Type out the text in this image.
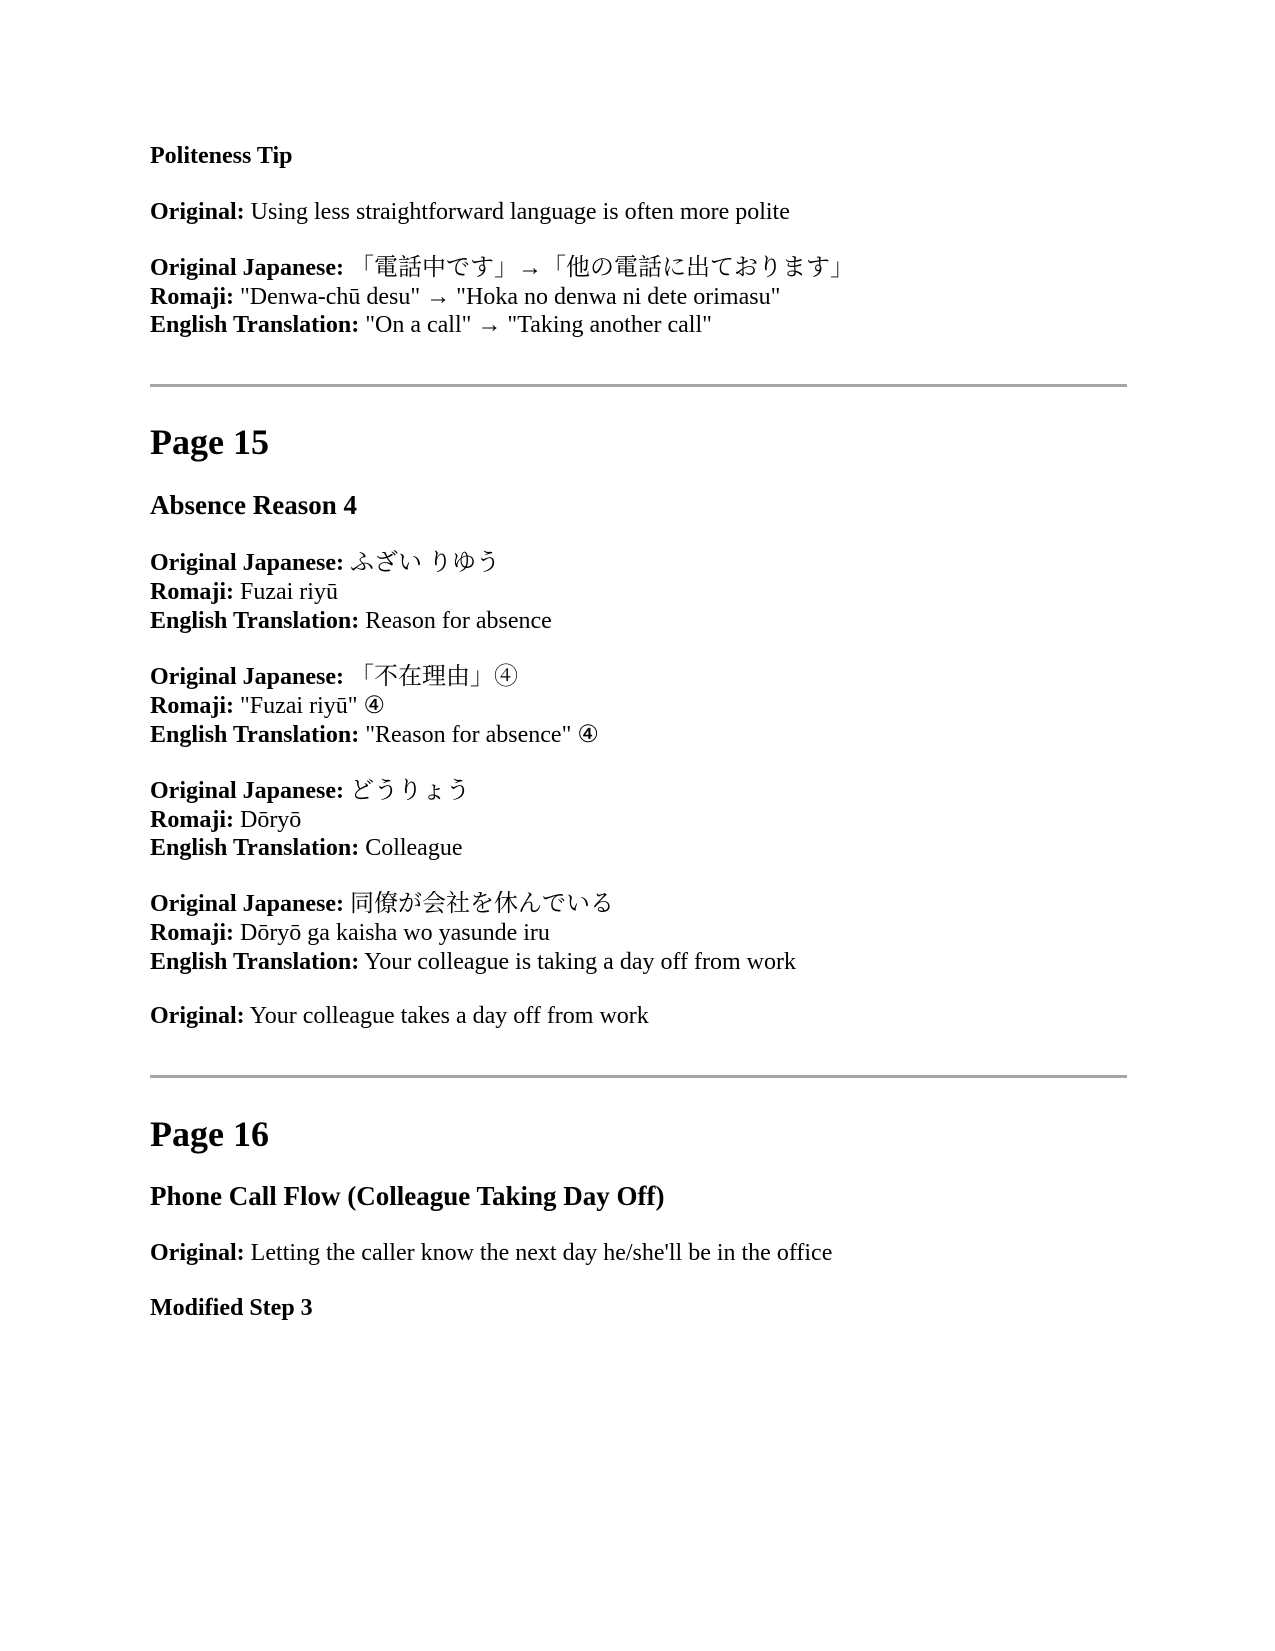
Politeness Tip
Original: Using less straightforward language is often more polite
Original Japanese: 「電話中です」→「他の電話に出ております」
Romaji: "Denwa-chū desu" → "Hoka no denwa ni dete orimasu"
English Translation: "On a call" → "Taking another call"
Page 15
Absence Reason 4
Original Japanese: ふざい りゆう
Romaji: Fuzai riyū
English Translation: Reason for absence
Original Japanese: 「不在理由」④
Romaji: "Fuzai riyū" ④
English Translation: "Reason for absence" ④
Original Japanese: どうりょう
Romaji: Dōryō
English Translation: Colleague
Original Japanese: 同僚が会社を休んでいる
Romaji: Dōryō ga kaisha wo yasunde iru
English Translation: Your colleague is taking a day off from work
Original: Your colleague takes a day off from work
Page 16
Phone Call Flow (Colleague Taking Day Off)
Original: Letting the caller know the next day he/she'll be in the office
Modified Step 3
